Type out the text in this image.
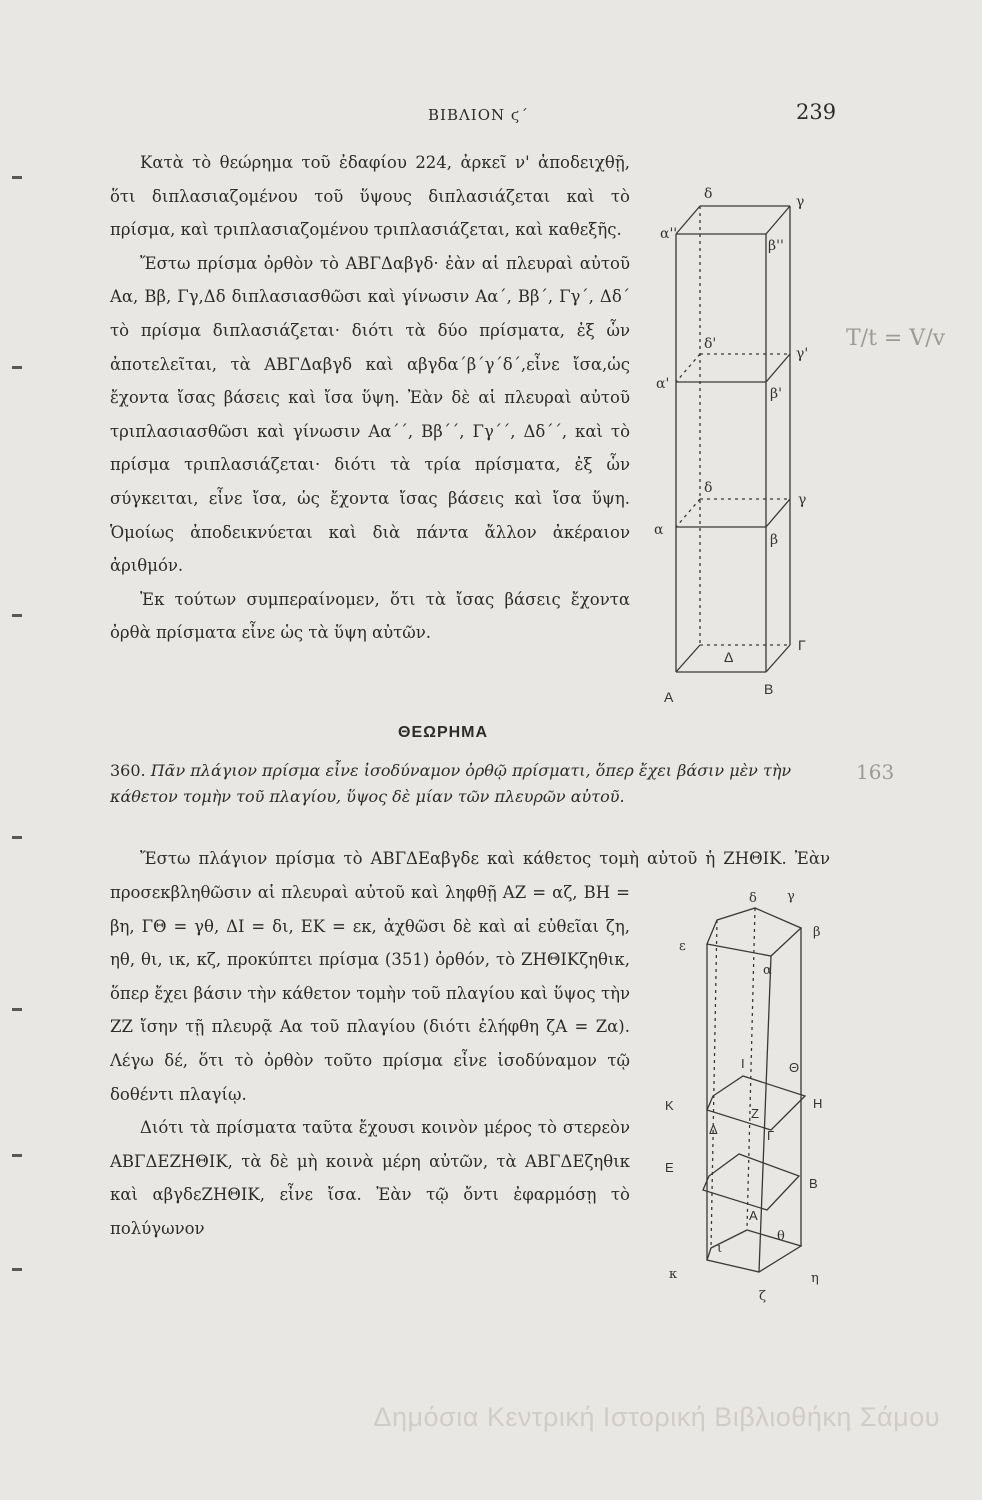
ΒΙΒΛΙΟΝ ϛ΄	239

Κατὰ τὸ θεώρημα τοῦ ἐδαφίου 224, ἀρκεῖ ν' ἀποδειχθῇ, ὅτι διπλασιαζομένου τοῦ ὕψους διπλασιάζεται καὶ τὸ πρίσμα, καὶ τριπλασιαζομένου τριπλασιάζεται, καὶ καθεξῆς.

Ἔστω πρίσμα ὀρθὸν τὸ ΑΒΓΔαβγδ· ἐὰν αἱ πλευραὶ αὐτοῦ Αα, Ββ, Γγ,Δδ διπλασιασθῶσι καὶ γίνωσιν Αα΄, Ββ΄, Γγ΄, Δδ΄ τὸ πρίσμα διπλασιάζεται· διότι τὰ δύο πρίσματα, ἐξ ὧν ἀποτελεῖται, τὰ ΑΒΓΔαβγδ καὶ αβγδα΄β΄γ΄δ΄,εἶνε ἴσα,ὡς ἔχοντα ἴσας βάσεις καὶ ἴσα ὕψη. Ἐὰν δὲ αἱ πλευραὶ αὐτοῦ τριπλασιασθῶσι καὶ γίνωσιν Αα΄΄, Ββ΄΄, Γγ΄΄, Δδ΄΄, καὶ τὸ πρίσμα τριπλασιάζεται· διότι τὰ τρία πρίσματα, ἐξ ὧν σύγκειται, εἶνε ἴσα, ὡς ἔχοντα ἴσας βάσεις καὶ ἴσα ὕψη. Ὁμοίως ἀποδεικνύεται καὶ διὰ πάντα ἄλλον ἀκέραιον ἀριθμόν.

Ἐκ τούτων συμπεραίνομεν, ὅτι τὰ ἴσας βάσεις ἔχοντα ὀρθὰ πρίσματα εἶνε ὡς τὰ ὕψη αὐτῶν.

δ	γ
β''
α''
δ'
γ'
β'
α'
δ
γ
β
α
Δ
Γ
Α	Β
T/t = V/v
ΘΕΩΡΗΜΑ

360. Πᾶν πλάγιον πρίσμα εἶνε ἰσοδύναμον ὀρθῷ πρίσματι, ὅπερ ἔχει βάσιν μὲν τὴν κάθετον τομὴν τοῦ πλαγίου, ὕψος δὲ μίαν τῶν πλευρῶν αὐτοῦ.

163

Ἔστω πλάγιον πρίσμα τὸ ΑΒΓΔΕαβγδε καὶ κάθετος τομὴ αὐτοῦ ἡ ΖΗΘΙΚ. Ἐὰν

προσεκβληθῶσιν αἱ πλευραὶ αὐτοῦ καὶ ληφθῇ ΑΖ = αζ, ΒΗ = βη, ΓΘ = γθ, ΔΙ = δι, ΕΚ = εκ, ἀχθῶσι δὲ καὶ αἱ εὐθεῖαι ζη, ηθ, θι, ικ, κζ, προκύπτει πρίσμα (351) ὀρθόν, τὸ ΖΗΘΙΚζηθικ, ὅπερ ἔχει βάσιν τὴν κάθετον τομὴν τοῦ πλαγίου καὶ ὕψος τὴν ΖΖ ἴσην τῇ πλευρᾷ Αα τοῦ πλαγίου (διότι ἐλήφθη ζΑ = Ζα). Λέγω δέ, ὅτι τὸ ὀρθὸν τοῦτο πρίσμα εἶνε ἰσοδύναμον τῷ δοθέντι πλαγίῳ.

Διότι τὰ πρίσματα ταῦτα ἔχουσι κοινὸν μέρος τὸ στερεὸν ΑΒΓΔΕΖΗΘΙΚ, τὰ δὲ μὴ κοινὰ μέρη αὐτῶν, τὰ ΑΒΓΔΕζηθικ καὶ αβγδεΖΗΘΙΚ, εἶνε ἴσα. Ἐὰν τῷ ὄντι ἐφαρμόσῃ τὸ πολύγωνον

ε
δ γ
β
α
Ι	Θ
Κ
Ζ
Η
Δ	Γ
Ε
Β
Α
ι
θ
κ	η
ζ
Δημόσια Κεντρική Ιστορική Βιβλιοθήκη Σάμου
